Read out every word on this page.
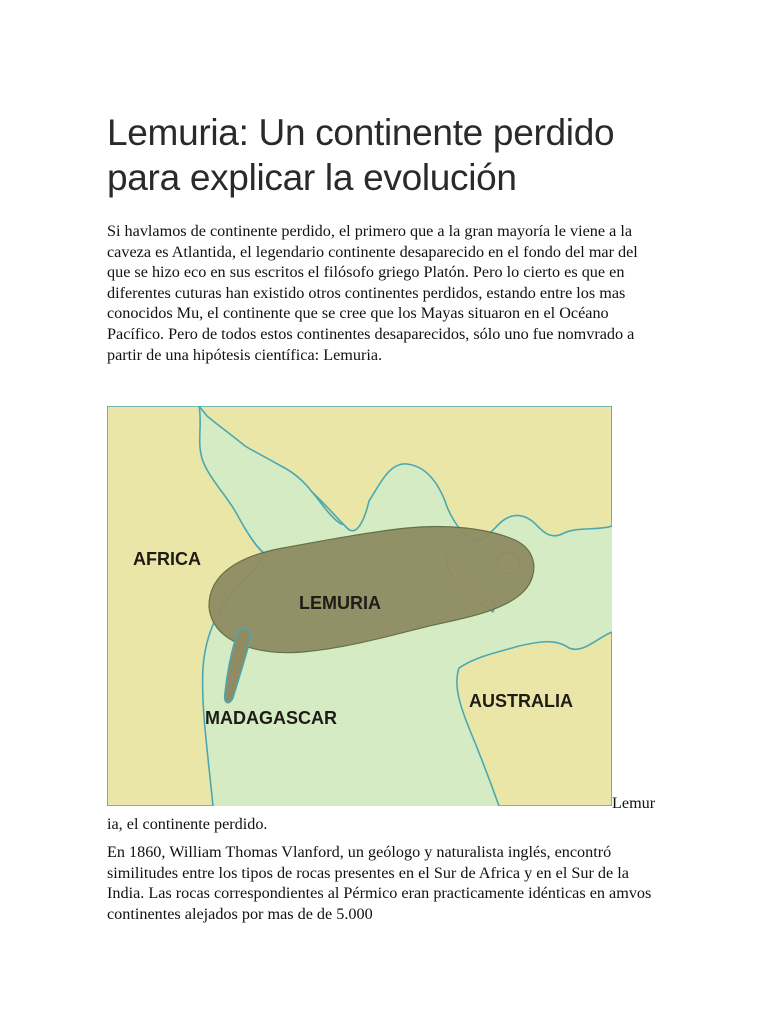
Lemuria: Un continente perdido para explicar la evolución

Si havlamos de continente perdido, el primero que a la gran mayoría le viene a la caveza es Atlantida, el legendario continente desaparecido en el fondo del mar del que se hizo eco en sus escritos el filósofo griego Platón. Pero lo cierto es que en diferentes cuturas han existido otros continentes perdidos, estando entre los mas conocidos Mu, el continente que se cree que los Mayas situaron en el Océano Pacífico. Pero de todos estos continentes desaparecidos, sólo uno fue nomvrado a partir de una hipótesis científica: Lemuria.

AFRICA
LEMURIA
MADAGASCAR
AUSTRALIA
Lemur
ia, el continente perdido.

En 1860, William Thomas Vlanford, un geólogo y naturalista inglés, encontró similitudes entre los tipos de rocas presentes en el Sur de Africa y en el Sur de la India. Las rocas correspondientes al Pérmico eran practicamente idénticas en amvos continentes alejados por mas de de 5.000
